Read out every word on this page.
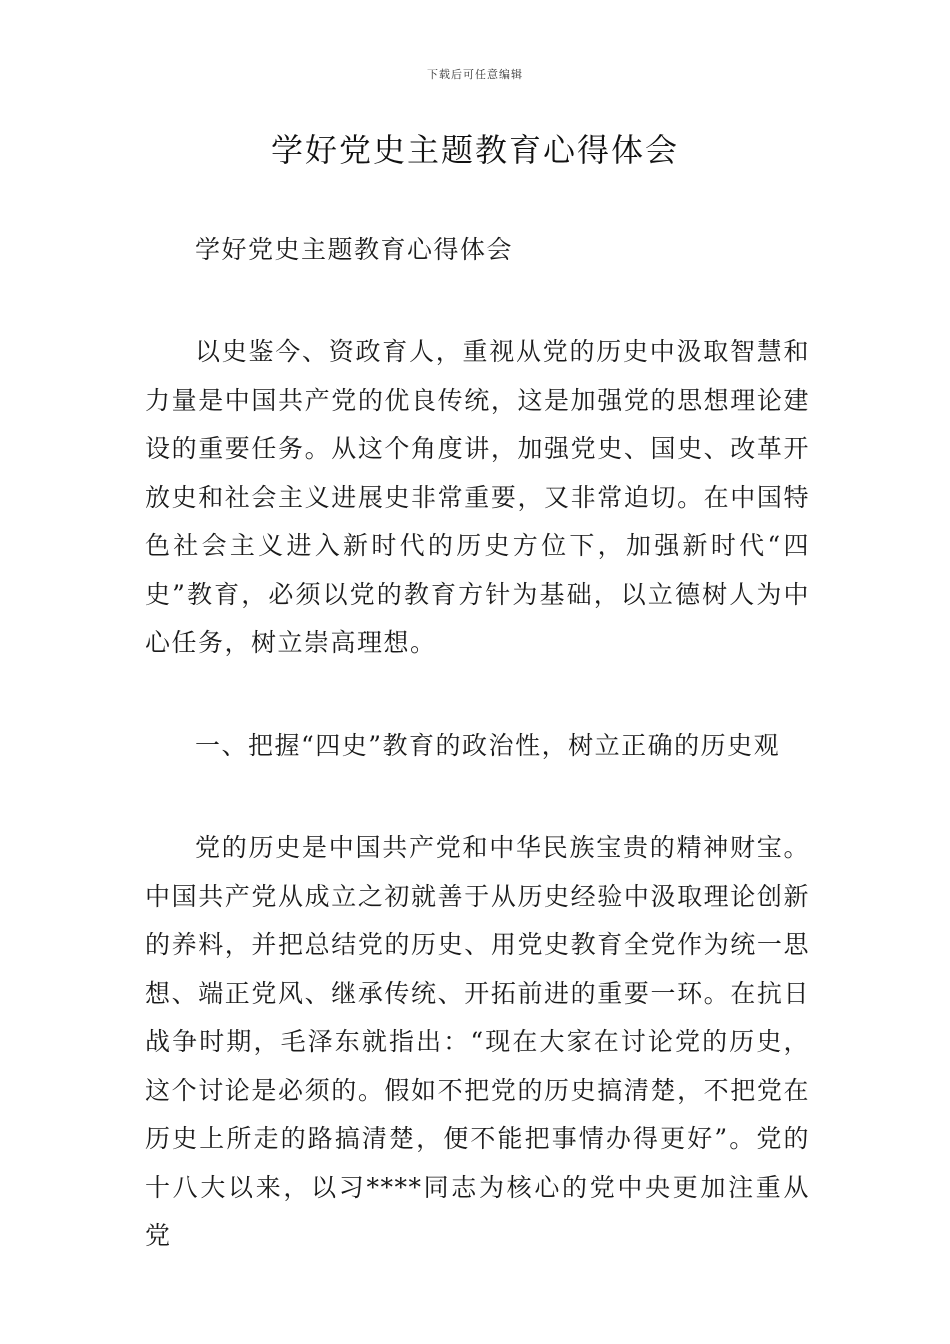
下载后可任意编辑
学好党史主题教育心得体会

学好党史主题教育心得体会

以史鉴今、资政育人，重视从党的历史中汲取智慧和力量是中国共产党的优良传统，这是加强党的思想理论建设的重要任务。从这个角度讲，加强党史、国史、改革开放史和社会主义进展史非常重要，又非常迫切。在中国特色社会主义进入新时代的历史方位下，加强新时代“四史”教育，必须以党的教育方针为基础，以立德树人为中心任务，树立崇高理想。

一、把握“四史”教育的政治性，树立正确的历史观

党的历史是中国共产党和中华民族宝贵的精神财宝。中国共产党从成立之初就善于从历史经验中汲取理论创新的养料，并把总结党的历史、用党史教育全党作为统一思想、端正党风、继承传统、开拓前进的重要一环。在抗日战争时期，毛泽东就指出：“现在大家在讨论党的历史，这个讨论是必须的。假如不把党的历史搞清楚，不把党在历史上所走的路搞清楚，便不能把事情办得更好”。党的十八大以来，以习****同志为核心的党中央更加注重从党
